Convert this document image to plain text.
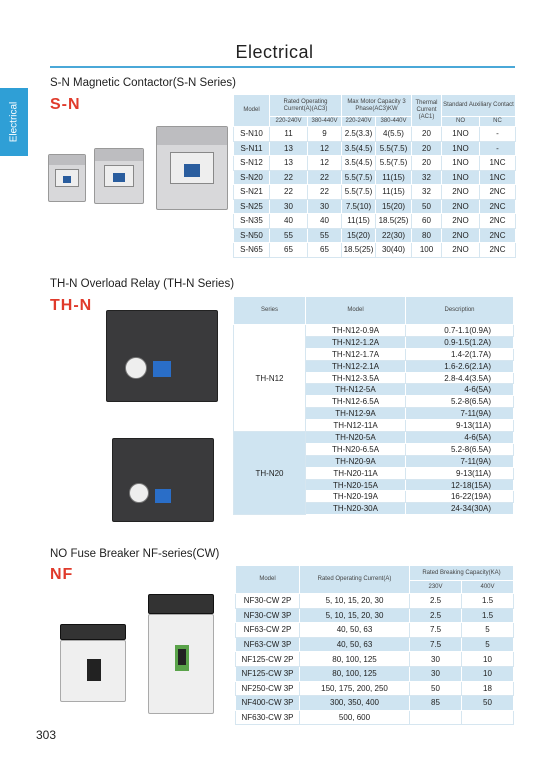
Electrical
Electrical
S-N Magnetic Contactor(S-N Series)
S-N	Model	Rated Operating Current(A)(AC3)		Max Motor Capacity 3 Phase(AC3)KW		Thermal Current (AC1)	Standard Auxiliary Contact	
	220-240V	380-440V	220-240V	380-440V		NO	NC
S-N10	11	9	2.5(3.3)	4(5.5)	20	1NO	-
S-N11	13	12	3.5(4.5)	5.5(7.5)	20	1NO	-
S-N12	13	12	3.5(4.5)	5.5(7.5)	20	1NO	1NC
S-N20	22	22	5.5(7.5)	11(15)	32	1NO	1NC
S-N21	22	22	5.5(7.5)	11(15)	32	2NO	2NC
S-N25	30	30	7.5(10)	15(20)	50	2NO	2NC
S-N35	40	40	11(15)	18.5(25)	60	2NO	2NC
S-N50	55	55	15(20)	22(30)	80	2NO	2NC
S-N65	65	65	18.5(25)	30(40)	100	2NO	2NC
TH-N Overload Relay (TH-N Series)
TH-N	Series	Model	Description
TH-N12	TH-N12-0.9A	0.7-1.1(0.9A)
	TH-N12-1.2A	0.9-1.5(1.2A)
	TH-N12-1.7A	1.4-2(1.7A)
	TH-N12-2.1A	1.6-2.6(2.1A)
	TH-N12-3.5A	2.8-4.4(3.5A)
	TH-N12-5A	4-6(5A)
	TH-N12-6.5A	5.2-8(6.5A)
	TH-N12-9A	7-11(9A)
	TH-N12-11A	9-13(11A)
TH-N20	TH-N20-5A	4-6(5A)
	TH-N20-6.5A	5.2-8(6.5A)
	TH-N20-9A	7-11(9A)
	TH-N20-11A	9-13(11A)
	TH-N20-15A	12-18(15A)
	TH-N20-19A	16-22(19A)
	TH-N20-30A	24-34(30A)
NO Fuse Breaker NF-series(CW)
NF	Model	Rated Operating Current(A)	Rated Breaking Capacity(KA)	
		230V	400V
NF30-CW 2P	5, 10, 15, 20, 30	2.5	1.5
NF30-CW 3P	5, 10, 15, 20, 30	2.5	1.5
NF63-CW 2P	40, 50, 63	7.5	5
NF63-CW 3P	40, 50, 63	7.5	5
NF125-CW 2P	80, 100, 125	30	10
NF125-CW 3P	80, 100, 125	30	10
NF250-CW 3P	150, 175, 200, 250	50	18
NF400-CW 3P	300, 350, 400	85	50
NF630-CW 3P	500, 600		
303
